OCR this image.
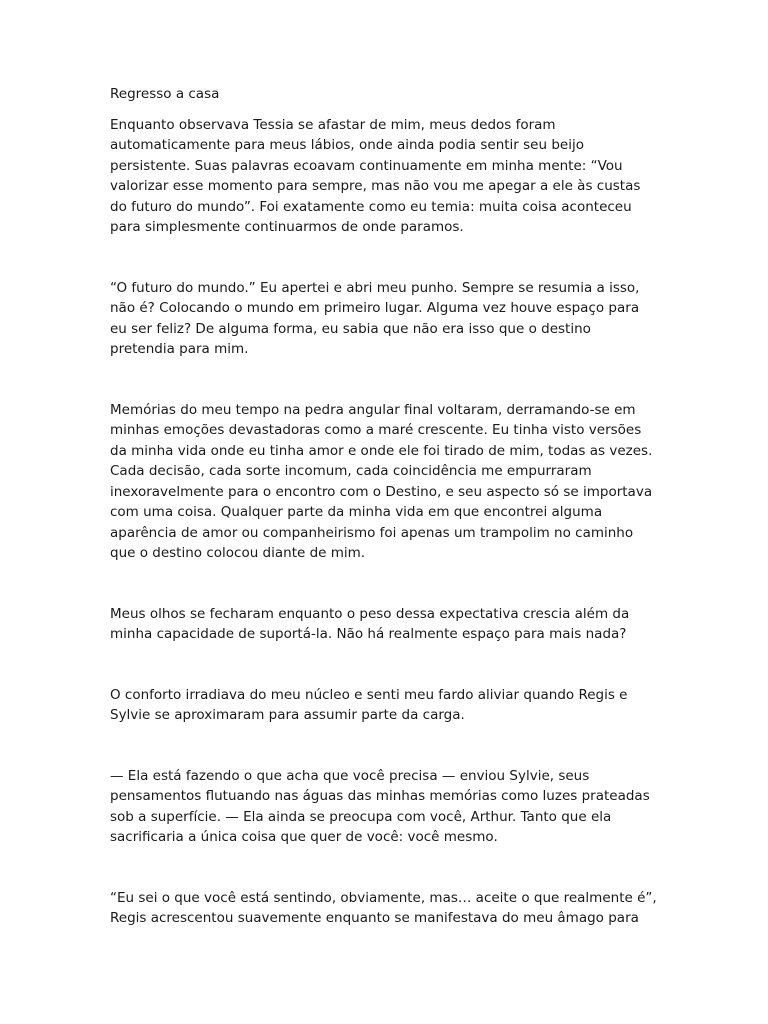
Regresso a casa

Enquanto observava Tessia se afastar de mim, meus dedos foram automaticamente para meus lábios, onde ainda podia sentir seu beijo persistente. Suas palavras ecoavam continuamente em minha mente: “Vou valorizar esse momento para sempre, mas não vou me apegar a ele às custas do futuro do mundo”. Foi exatamente como eu temia: muita coisa aconteceu para simplesmente continuarmos de onde paramos.

“O futuro do mundo.” Eu apertei e abri meu punho. Sempre se resumia a isso, não é? Colocando o mundo em primeiro lugar. Alguma vez houve espaço para eu ser feliz? De alguma forma, eu sabia que não era isso que o destino pretendia para mim.

Memórias do meu tempo na pedra angular final voltaram, derramando-se em minhas emoções devastadoras como a maré crescente. Eu tinha visto versões da minha vida onde eu tinha amor e onde ele foi tirado de mim, todas as vezes. Cada decisão, cada sorte incomum, cada coincidência me empurraram inexoravelmente para o encontro com o Destino, e seu aspecto só se importava com uma coisa. Qualquer parte da minha vida em que encontrei alguma aparência de amor ou companheirismo foi apenas um trampolim no caminho que o destino colocou diante de mim.

Meus olhos se fecharam enquanto o peso dessa expectativa crescia além da minha capacidade de suportá-la. Não há realmente espaço para mais nada?

O conforto irradiava do meu núcleo e senti meu fardo aliviar quando Regis e Sylvie se aproximaram para assumir parte da carga.

— Ela está fazendo o que acha que você precisa — enviou Sylvie, seus pensamentos flutuando nas águas das minhas memórias como luzes prateadas sob a superfície. — Ela ainda se preocupa com você, Arthur. Tanto que ela sacrificaria a única coisa que quer de você: você mesmo.

“Eu sei o que você está sentindo, obviamente, mas… aceite o que realmente é”, Regis acrescentou suavemente enquanto se manifestava do meu âmago para
